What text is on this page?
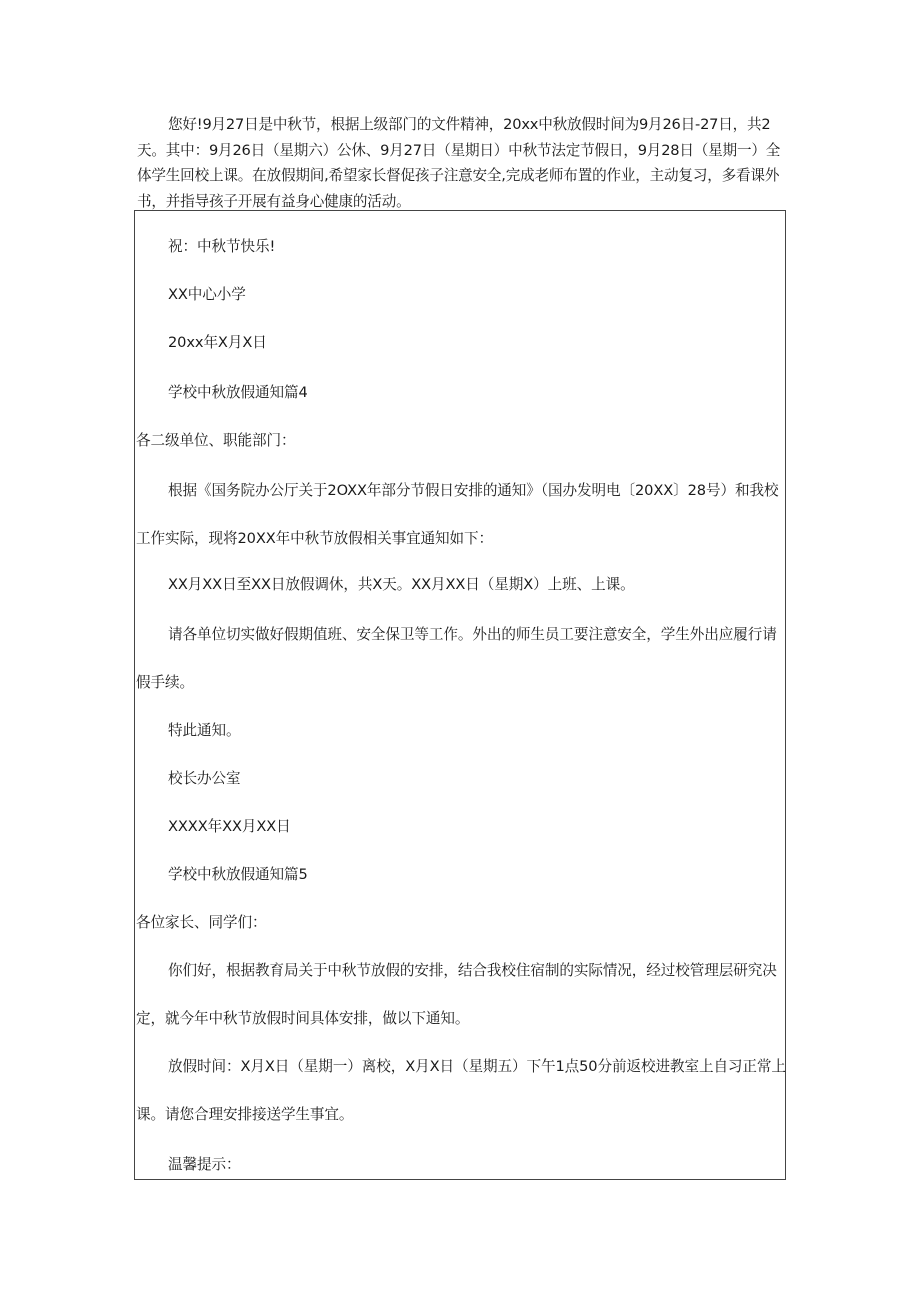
您好!9月27日是中秋节，根据上级部门的文件精神，20xx中秋放假时间为9月26日-27日，共2天。其中：9月26日（星期六）公休、9月27日（星期日）中秋节法定节假日，9月28日（星期一）全体学生回校上课。在放假期间,希望家长督促孩子注意安全,完成老师布置的作业，主动复习，多看课外书，并指导孩子开展有益身心健康的活动。

祝：中秋节快乐!
XX中心小学
20xx年X月X日
学校中秋放假通知篇4
各二级单位、职能部门：
根据《国务院办公厅关于2OXX年部分节假日安排的通知》（国办发明电〔20XX〕28号）和我校
工作实际，现将20XX年中秋节放假相关事宜通知如下：
XX月XX日至XX日放假调休，共X天。XX月XX日（星期X）上班、上课。
请各单位切实做好假期值班、安全保卫等工作。外出的师生员工要注意安全，学生外出应履行请
假手续。
特此通知。
校长办公室
XXXX年XX月XX日
学校中秋放假通知篇5
各位家长、同学们：
你们好，根据教育局关于中秋节放假的安排，结合我校住宿制的实际情况，经过校管理层研究决
定，就今年中秋节放假时间具体安排，做以下通知。
放假时间：X月X日（星期一）离校，X月X日（星期五）下午1点50分前返校进教室上自习正常上
课。请您合理安排接送学生事宜。
温馨提示：
